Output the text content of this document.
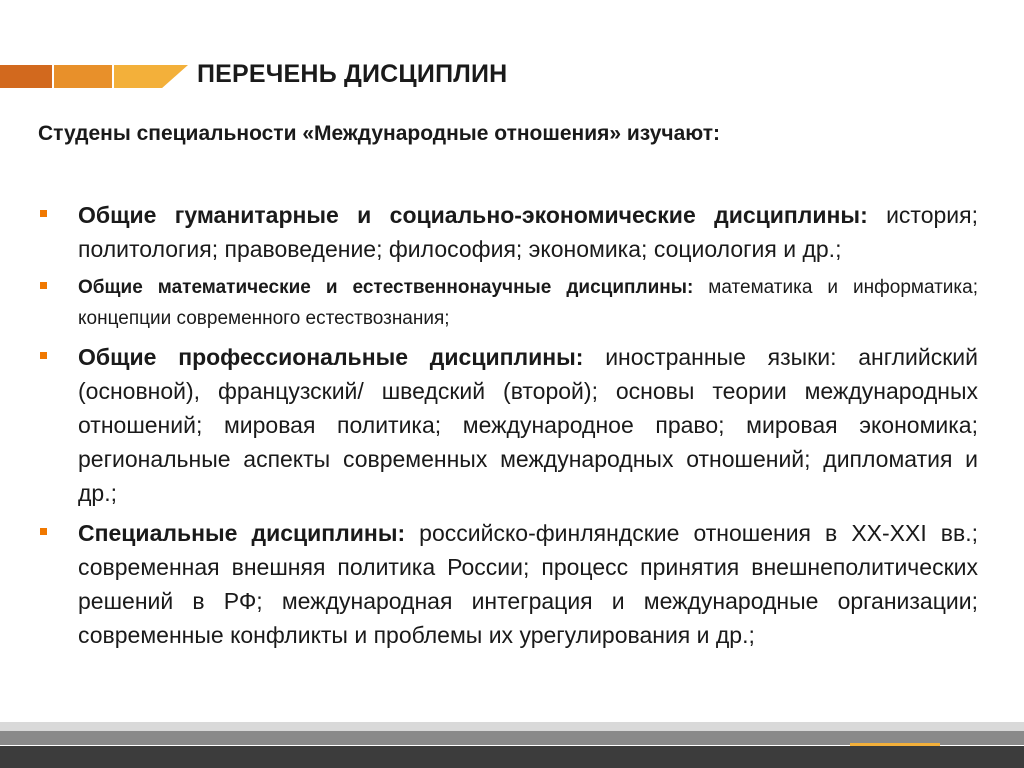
ПЕРЕЧЕНЬ ДИСЦИПЛИН
Студены специальности «Международные отношения» изучают:
Общие гуманитарные и социально-экономические дисциплины: история; политология; правоведение; философия; экономика; социология и др.;
Общие математические и естественнонаучные дисциплины: математика и информатика; концепции современного естествознания;
Общие профессиональные дисциплины: иностранные языки: английский (основной), французский/ шведский (второй); основы теории международных отношений; мировая политика; международное право; мировая экономика; региональные аспекты современных международных отношений; дипломатия и др.;
Специальные дисциплины: российско-финляндские отношения в XX-XXI вв.; современная внешняя политика России; процесс принятия внешнеполитических решений в РФ; международная интеграция и международные организации; современные конфликты и проблемы их урегулирования и др.;
